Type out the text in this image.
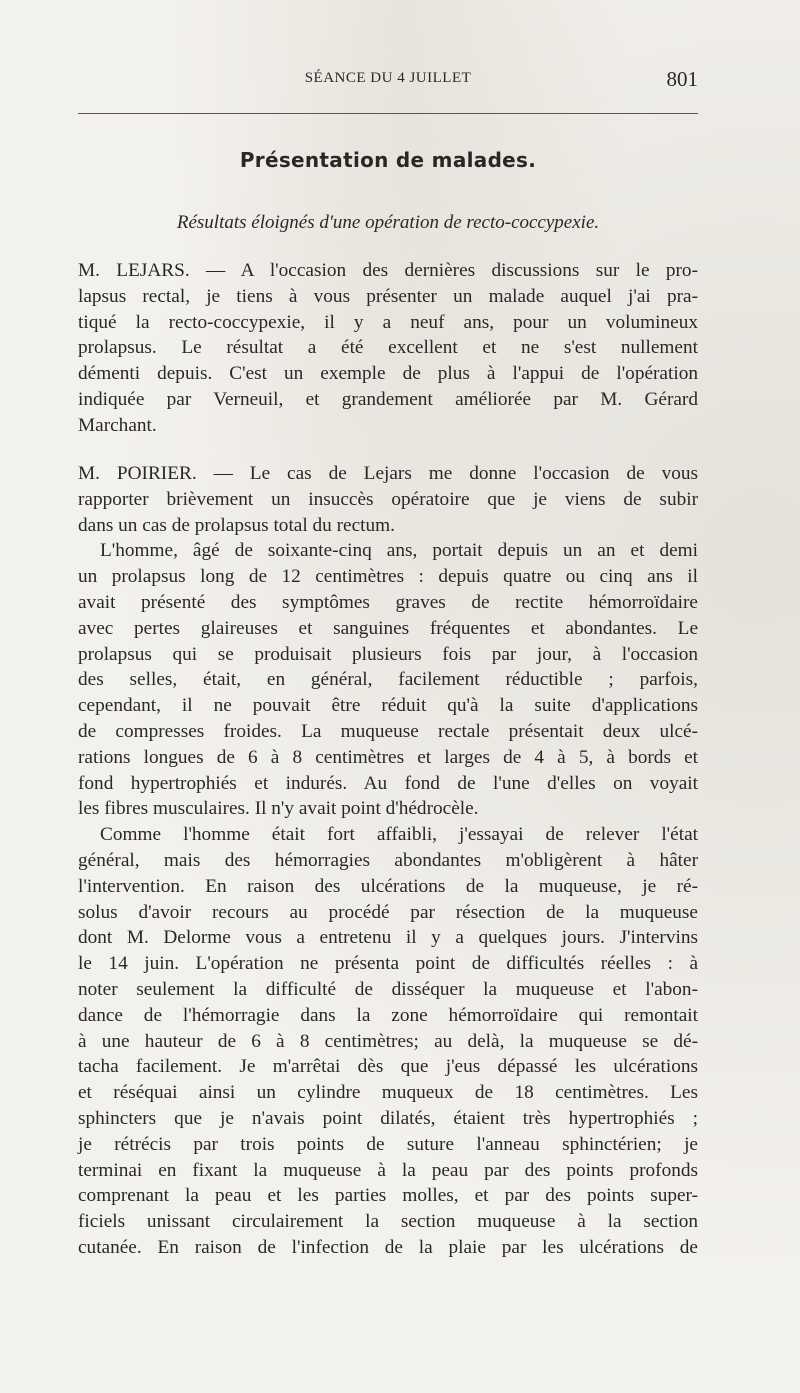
SÉANCE DU 4 JUILLET	801
Présentation de malades.
Résultats éloignés d'une opération de recto-coccypexie.
M. LEJARS. — A l'occasion des dernières discussions sur le pro-
lapsus rectal, je tiens à vous présenter un malade auquel j'ai pra-
tiqué la recto-coccypexie, il y a neuf ans, pour un volumineux
prolapsus. Le résultat a été excellent et ne s'est nullement
démenti depuis. C'est un exemple de plus à l'appui de l'opération
indiquée par Verneuil, et grandement améliorée par M. Gérard
Marchant.
M. POIRIER. — Le cas de Lejars me donne l'occasion de vous
rapporter brièvement un insuccès opératoire que je viens de subir
dans un cas de prolapsus total du rectum.
L'homme, âgé de soixante-cinq ans, portait depuis un an et demi
un prolapsus long de 12 centimètres : depuis quatre ou cinq ans il
avait présenté des symptômes graves de rectite hémorroïdaire
avec pertes glaireuses et sanguines fréquentes et abondantes. Le
prolapsus qui se produisait plusieurs fois par jour, à l'occasion
des selles, était, en général, facilement réductible ; parfois,
cependant, il ne pouvait être réduit qu'à la suite d'applications
de compresses froides. La muqueuse rectale présentait deux ulcé-
rations longues de 6 à 8 centimètres et larges de 4 à 5, à bords et
fond hypertrophiés et indurés. Au fond de l'une d'elles on voyait
les fibres musculaires. Il n'y avait point d'hédrocèle.
Comme l'homme était fort affaibli, j'essayai de relever l'état
général, mais des hémorragies abondantes m'obligèrent à hâter
l'intervention. En raison des ulcérations de la muqueuse, je ré-
solus d'avoir recours au procédé par résection de la muqueuse
dont M. Delorme vous a entretenu il y a quelques jours. J'intervins
le 14 juin. L'opération ne présenta point de difficultés réelles : à
noter seulement la difficulté de disséquer la muqueuse et l'abon-
dance de l'hémorragie dans la zone hémorroïdaire qui remontait
à une hauteur de 6 à 8 centimètres; au delà, la muqueuse se dé-
tacha facilement. Je m'arrêtai dès que j'eus dépassé les ulcérations
et réséquai ainsi un cylindre muqueux de 18 centimètres. Les
sphincters que je n'avais point dilatés, étaient très hypertrophiés ;
je rétrécis par trois points de suture l'anneau sphinctérien; je
terminai en fixant la muqueuse à la peau par des points profonds
comprenant la peau et les parties molles, et par des points super-
ficiels unissant circulairement la section muqueuse à la section
cutanée. En raison de l'infection de la plaie par les ulcérations de
